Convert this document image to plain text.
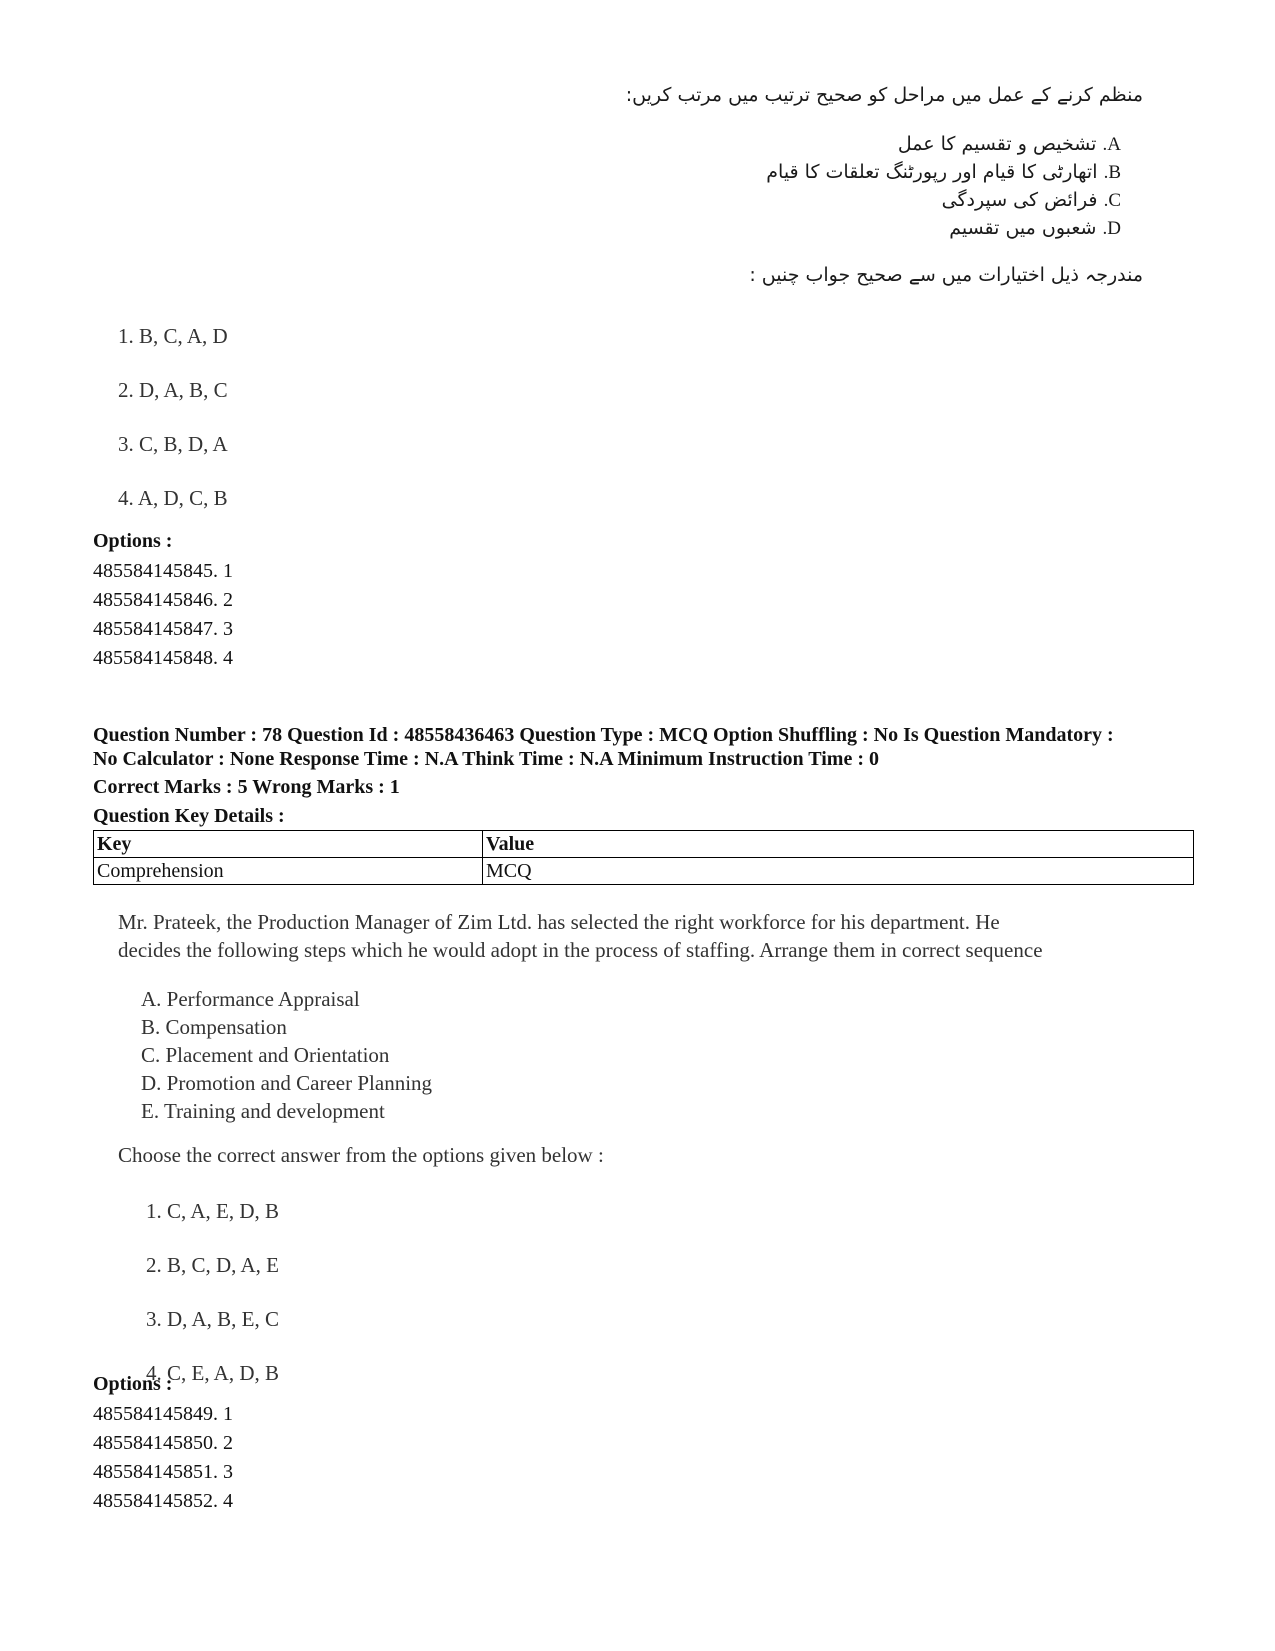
منظم کرنے کے عمل میں مراحل کو صحیح ترتیب میں مرتب کریں:
A. تشخیص و تقسیم کا عمل
B. اتھارٹی کا قیام اور رپورٹنگ تعلقات کا قیام
C. فرائض کی سپردگی
D. شعبوں میں تقسیم
مندرجہ ذیل اختیارات میں سے صحیح جواب چنیں :
1. B, C, A, D
2. D, A, B, C
3. C, B, D, A
4. A, D, C, B
Options :
485584145845. 1
485584145846. 2
485584145847. 3
485584145848. 4
Question Number : 78 Question Id : 48558436463 Question Type : MCQ Option Shuffling : No Is Question Mandatory :
No Calculator : None Response Time : N.A Think Time : N.A Minimum Instruction Time : 0
Correct Marks : 5 Wrong Marks : 1
Question Key Details :
Key	Value
Comprehension	MCQ
Mr. Prateek, the Production Manager of Zim Ltd. has selected the right workforce for his department. He
decides the following steps which he would adopt in the process of staffing. Arrange them in correct sequence
A. Performance Appraisal
B. Compensation
C. Placement and Orientation
D. Promotion and Career Planning
E. Training and development
Choose the correct answer from the options given below :
1. C, A, E, D, B
2. B, C, D, A, E
3. D, A, B, E, C
4. C, E, A, D, B
Options :
485584145849. 1
485584145850. 2
485584145851. 3
485584145852. 4
